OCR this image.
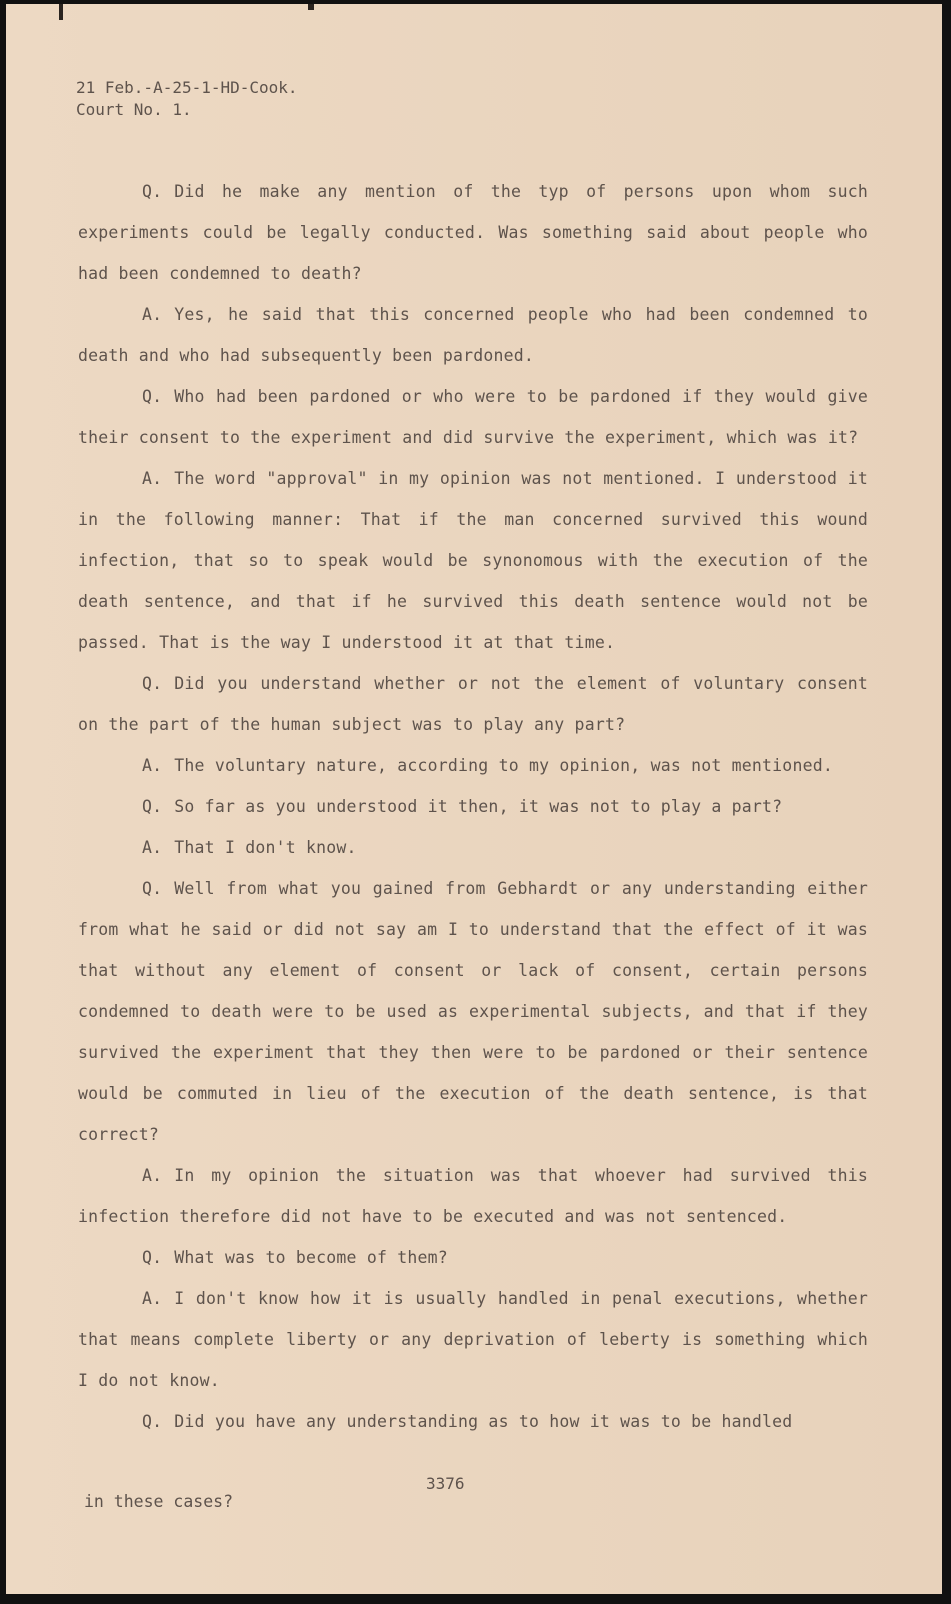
21 Feb.-A-25-1-HD-Cook.
Court No. 1.

Q. Did he make any mention of the typ of persons upon whom such experiments could be legally conducted. Was something said about people who had been condemned to death?

A. Yes, he said that this concerned people who had been condemned to death and who had subsequently been pardoned.

Q. Who had been pardoned or who were to be pardoned if they would give their consent to the experiment and did survive the experiment, which was it?

A. The word "approval" in my opinion was not mentioned. I understood it in the following manner: That if the man concerned survived this wound infection, that so to speak would be synonomous with the execution of the death sentence, and that if he survived this death sentence would not be passed. That is the way I understood it at that time.

Q. Did you understand whether or not the element of voluntary consent on the part of the human subject was to play any part?

A. The voluntary nature, according to my opinion, was not mentioned.

Q. So far as you understood it then, it was not to play a part?

A. That I don't know.

Q. Well from what you gained from Gebhardt or any understanding either from what he said or did not say am I to understand that the effect of it was that without any element of consent or lack of consent, certain persons condemned to death were to be used as experimental subjects, and that if they survived the experiment that they then were to be pardoned or their sentence would be commuted in lieu of the execution of the death sentence, is that correct?

A. In my opinion the situation was that whoever had survived this infection therefore did not have to be executed and was not sentenced.

Q. What was to become of them?

A. I don't know how it is usually handled in penal executions, whether that means complete liberty or any deprivation of leberty is something which I do not know.

Q. Did you have any understanding as to how it was to be handled

3376
in these cases?
